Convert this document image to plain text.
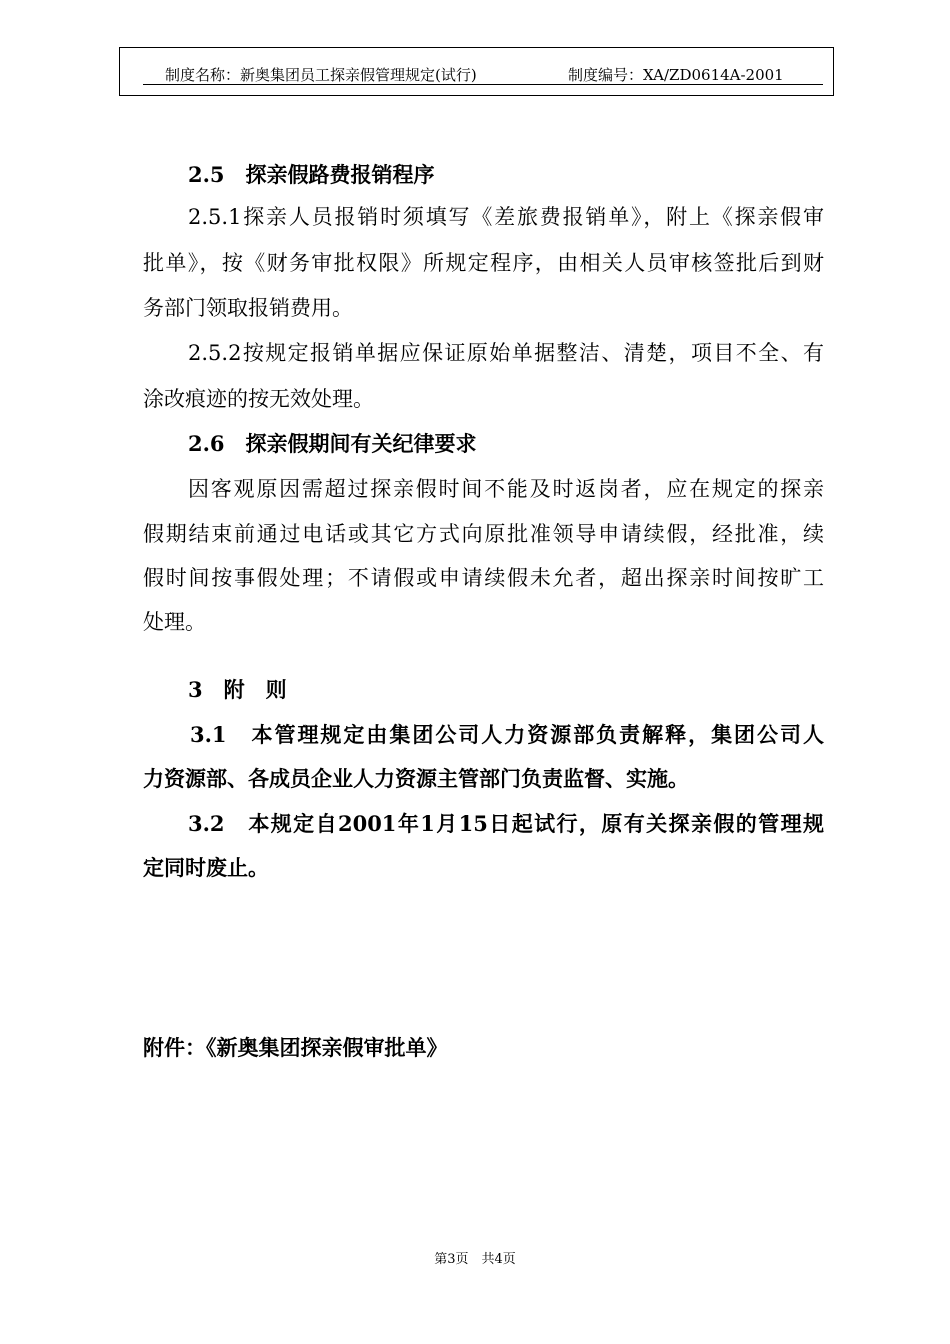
制度名称：新奥集团员工探亲假管理规定(试行)	制度编号：XA/ZD0614A-2001
2.5　探亲假路费报销程序
2.5.1探亲人员报销时须填写《差旅费报销单》，附上《探亲假审
批单》，按《财务审批权限》所规定程序，由相关人员审核签批后到财
务部门领取报销费用。
2.5.2按规定报销单据应保证原始单据整洁、清楚，项目不全、有
涂改痕迹的按无效处理。
2.6　探亲假期间有关纪律要求
因客观原因需超过探亲假时间不能及时返岗者，应在规定的探亲
假期结束前通过电话或其它方式向原批准领导申请续假，经批准，续
假时间按事假处理；不请假或申请续假未允者，超出探亲时间按旷工
处理。
3　附　则
3.1　本管理规定由集团公司人力资源部负责解释，集团公司人
力资源部、各成员企业人力资源主管部门负责监督、实施。
3.2　本规定自2001年1月15日起试行，原有关探亲假的管理规
定同时废止。
附件：《新奥集团探亲假审批单》
第3页　共4页
